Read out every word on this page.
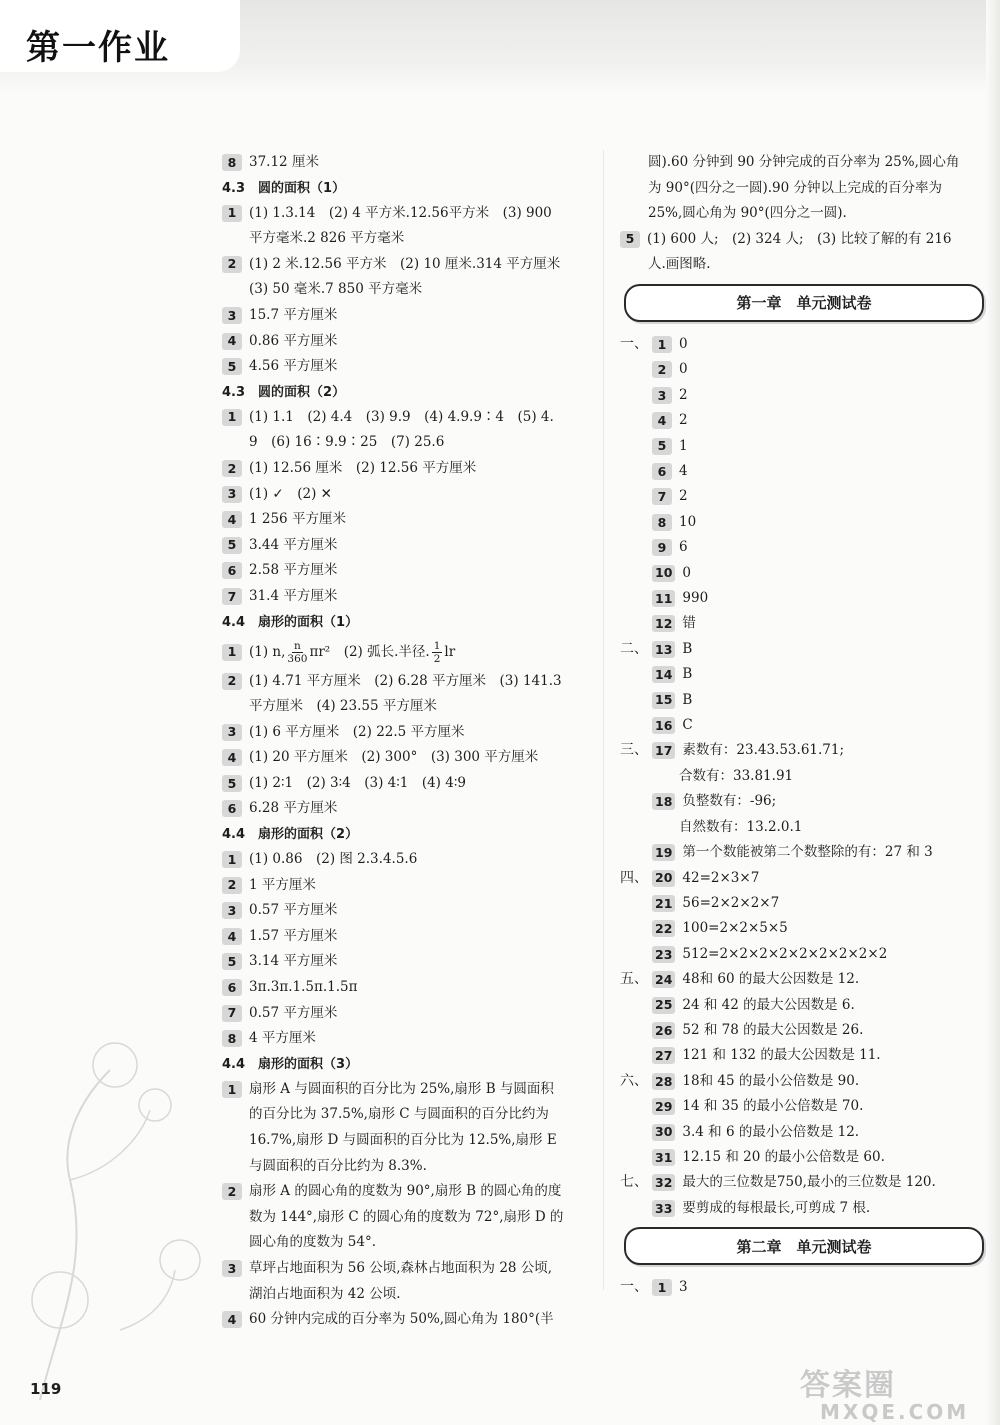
第一作业
8 37.12 厘米
4.3　圆的面积（1）
1 (1) 1.3.14　(2) 4 平方米.12.56平方米　(3) 900
平方毫米.2 826 平方毫米
2 (1) 2 米.12.56 平方米　(2) 10 厘米.314 平方厘米
(3) 50 毫米.7 850 平方毫米
3 15.7 平方厘米
4 0.86 平方厘米
5 4.56 平方厘米
4.3　圆的面积（2）
1 (1) 1.1　(2) 4.4　(3) 9.9　(4) 4.9.9∶4　(5) 4.
9　(6) 16∶9.9∶25　(7) 25.6
2 (1) 12.56 厘米　(2) 12.56 平方厘米
3 (1) ✓　(2) ✕
4 1 256 平方厘米
5 3.44 平方厘米
6 2.58 平方厘米
7 31.4 平方厘米
4.4　扇形的面积（1）
1 (1) n, $\frac{n}{360} \pi r^2$　(2) 弧长.半径. $\frac{1}{2}$ lr
2 (1) 4.71 平方厘米　(2) 6.28 平方厘米　(3) 141.3
平方厘米　(4) 23.55 平方厘米
3 (1) 6 平方厘米　(2) 22.5 平方厘米
4 (1) 20 平方厘米　(2) 300°　(3) 300 平方厘米
5 (1) 2∶1　(2) 3∶4　(3) 4∶1　(4) 4∶9
6 6.28 平方厘米
4.4　扇形的面积（2）
1 (1) 0.86　(2) 图 2.3.4.5.6
2 1 平方厘米
3 0.57 平方厘米
4 1.57 平方厘米
5 3.14 平方厘米
6 3π.3π.1.5π.1.5π
7 0.57 平方厘米
8 4 平方厘米
4.4　扇形的面积（3）
1 扇形 A 与圆面积的百分比为 25%,扇形 B 与圆面积
的百分比为 37.5%,扇形 C 与圆面积的百分比约为
16.7%,扇形 D 与圆面积的百分比为 12.5%,扇形 E
与圆面积的百分比约为 8.3%.
2 扇形 A 的圆心角的度数为 90°,扇形 B 的圆心角的度
数为 144°,扇形 C 的圆心角的度数为 72°,扇形 D 的
圆心角的度数为 54°.
3 草坪占地面积为 56 公顷,森林占地面积为 28 公顷,
湖泊占地面积为 42 公顷.
4 60 分钟内完成的百分率为 50%,圆心角为 180°(半
圆).60 分钟到 90 分钟完成的百分率为 25%,圆心角
为 90°(四分之一圆).90 分钟以上完成的百分率为
25%,圆心角为 90°(四分之一圆).
5 (1) 600 人;　(2) 324 人;　(3) 比较了解的有 216
人.画图略.
第一章　单元测试卷
一、 1 0
2 0
3 2
4 2
5 1
6 4
7 2
8 10
9 6
10 0
11 990
12 错
二、 13 B
14 B
15 B
16 C
三、 17 素数有：23.43.53.61.71;
合数有：33.81.91
18 负整数有：-96;
自然数有：13.2.0.1
19 第一个数能被第二个数整除的有：27 和 3
四、 20 42=2×3×7
21 56=2×2×2×7
22 100=2×2×5×5
23 512=2×2×2×2×2×2×2×2×2
五、 24 48和 60 的最大公因数是 12.
25 24 和 42 的最大公因数是 6.
26 52 和 78 的最大公因数是 26.
27 121 和 132 的最大公因数是 11.
六、 28 18和 45 的最小公倍数是 90.
29 14 和 35 的最小公倍数是 70.
30 3.4 和 6 的最小公倍数是 12.
31 12.15 和 20 的最小公倍数是 60.
七、 32 最大的三位数是750,最小的三位数是 120.
33 要剪成的每根最长,可剪成 7 根.
第二章　单元测试卷
一、 1 3
119	答案圈
MXQE.COM
